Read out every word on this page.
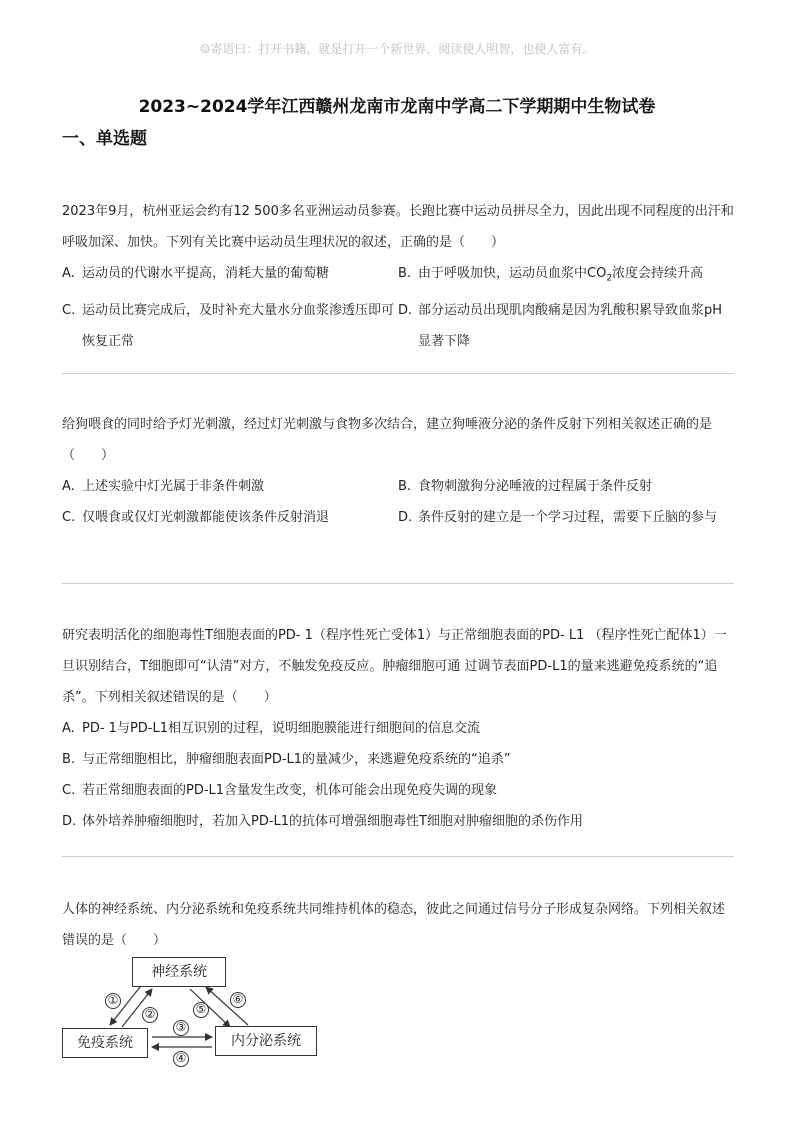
☺寄语曰：打开书籍，就是打开一个新世界，阅读使人明智，也使人富有。
2023~2024学年江西赣州龙南市龙南中学高二下学期期中生物试卷
一、单选题

2023年9月，杭州亚运会约有12 500多名亚洲运动员参赛。长跑比赛中运动员拼尽全力，因此出现不同程度的出汗和呼吸加深、加快。下列有关比赛中运动员生理状况的叙述，正确的是（　　）

A. 运动员的代谢水平提高，消耗大量的葡萄糖	B. 由于呼吸加快，运动员血浆中$CO_2$浓度会持续升高
C. 运动员比赛完成后，及时补充大量水分血浆渗透压即可恢复正常
D. 部分运动员出现肌肉酸痛是因为乳酸积累导致血浆pH显著下降

给狗喂食的同时给予灯光刺激，经过灯光刺激与食物多次结合，建立狗唾液分泌的条件反射下列相关叙述正确的是（　　）

A. 上述实验中灯光属于非条件刺激	B. 食物刺激狗分泌唾液的过程属于条件反射
C. 仅喂食或仅灯光刺激都能使该条件反射消退	D. 条件反射的建立是一个学习过程，需要下丘脑的参与

研究表明活化的细胞毒性T细胞表面的PD- 1（程序性死亡受体1）与正常细胞表面的PD- L1 （程序性死亡配体1）一旦识别结合，T细胞即可“认清”对方，不触发免疫反应。肿瘤细胞可通 过调节表面PD-L1的量来逃避免疫系统的“追杀”。下列相关叙述错误的是（　　）

A. PD- 1与PD-L1相互识别的过程，说明细胞膜能进行细胞间的信息交流
B. 与正常细胞相比，肿瘤细胞表面PD-L1的量减少，来逃避免疫系统的“追杀”
C. 若正常细胞表面的PD-L1含量发生改变，机体可能会出现免疫失调的现象
D. 体外培养肿瘤细胞时，若加入PD-L1的抗体可增强细胞毒性T细胞对肿瘤细胞的杀伤作用

人体的神经系统、内分泌系统和免疫系统共同维持机体的稳态，彼此之间通过信号分子形成复杂网络。下列相关叙述错误的是（　　）

神经系统
免疫系统	内分泌系统
①
②
③
④
⑤
⑥
